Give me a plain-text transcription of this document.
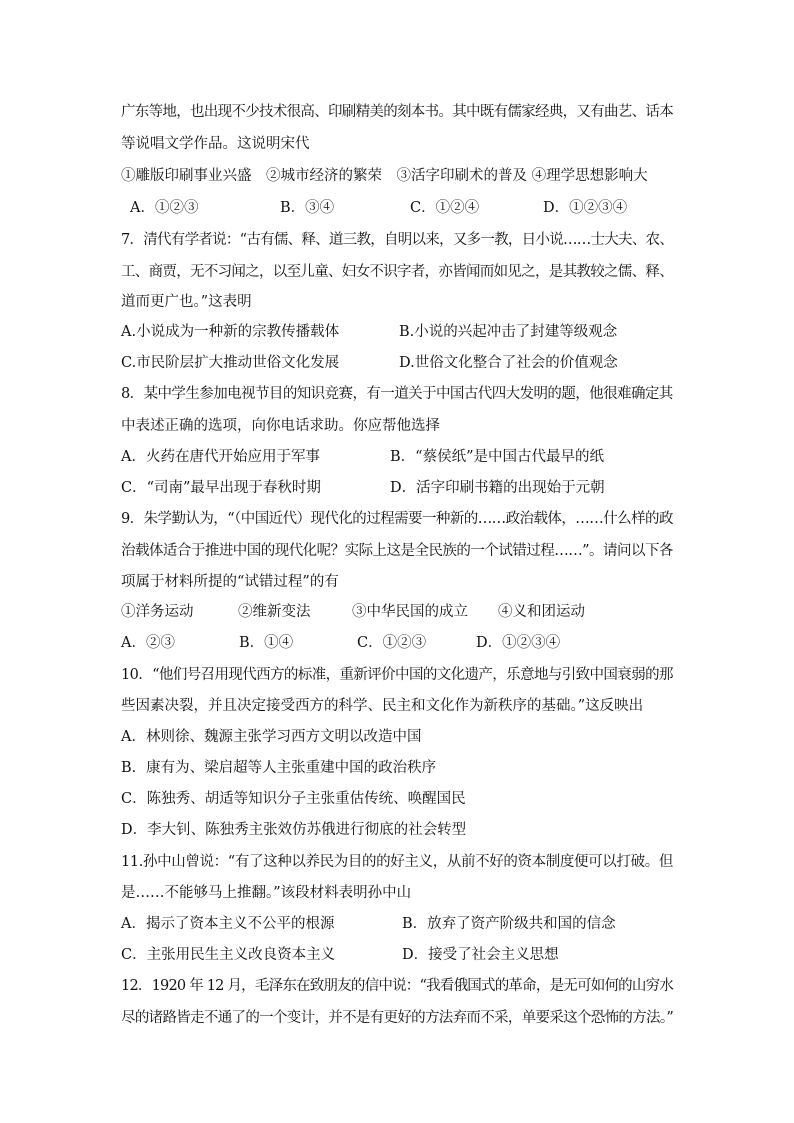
广东等地，也出现不少技术很高、印刷精美的刻本书。其中既有儒家经典，又有曲艺、话本
等说唱文学作品。这说明宋代
①雕版印刷事业兴盛　②城市经济的繁荣　③活字印刷术的普及 ④理学思想影响大
A．①②③	B．③④	C．①②④	D．①②③④
7．清代有学者说：“古有儒、释、道三教，自明以来，又多一教，日小说……士大夫、农、
工、商贾，无不习闻之，以至儿童、妇女不识字者，亦皆闻而如见之，是其教较之儒、释、
道而更广也。”这表明
A.小说成为一种新的宗教传播载体	B.小说的兴起冲击了封建等级观念
C.市民阶层扩大推动世俗文化发展	D.世俗文化整合了社会的价值观念
8．某中学生参加电视节目的知识竞赛，有一道关于中国古代四大发明的题，他很难确定其
中表述正确的选项，向你电话求助。你应帮他选择
A．火药在唐代开始应用于军事	B．“蔡侯纸”是中国古代最早的纸
C．“司南”最早出现于春秋时期	D．活字印刷书籍的出现始于元朝
9．朱学勤认为，“（中国近代）现代化的过程需要一种新的……政治载体，……什么样的政
治载体适合于推进中国的现代化呢？实际上这是全民族的一个试错过程……”。请问以下各
项属于材料所提的“试错过程”的有
①洋务运动	②维新变法	③中华民国的成立 ④义和团运动
A．②③	B．①④	C．①②③	D．①②③④
10．“他们号召用现代西方的标准，重新评价中国的文化遗产，乐意地与引致中国衰弱的那
些因素决裂，并且决定接受西方的科学、民主和文化作为新秩序的基础。”这反映出
A．林则徐、魏源主张学习西方文明以改造中国
B．康有为、梁启超等人主张重建中国的政治秩序
C．陈独秀、胡适等知识分子主张重估传统、唤醒国民
D．李大钊、陈独秀主张效仿苏俄进行彻底的社会转型
11.孙中山曾说：“有了这种以养民为目的的好主义，从前不好的资本制度便可以打破。但
是……不能够马上推翻。”该段材料表明孙中山
A．揭示了资本主义不公平的根源	B．放弃了资产阶级共和国的信念
C．主张用民生主义改良资本主义	D．接受了社会主义思想
12．1920 年 12 月，毛泽东在致朋友的信中说：“我看俄国式的革命，是无可如何的山穷水
尽的诸路皆走不通了的一个变计，并不是有更好的方法弃而不采，单要采这个恐怖的方法。”
